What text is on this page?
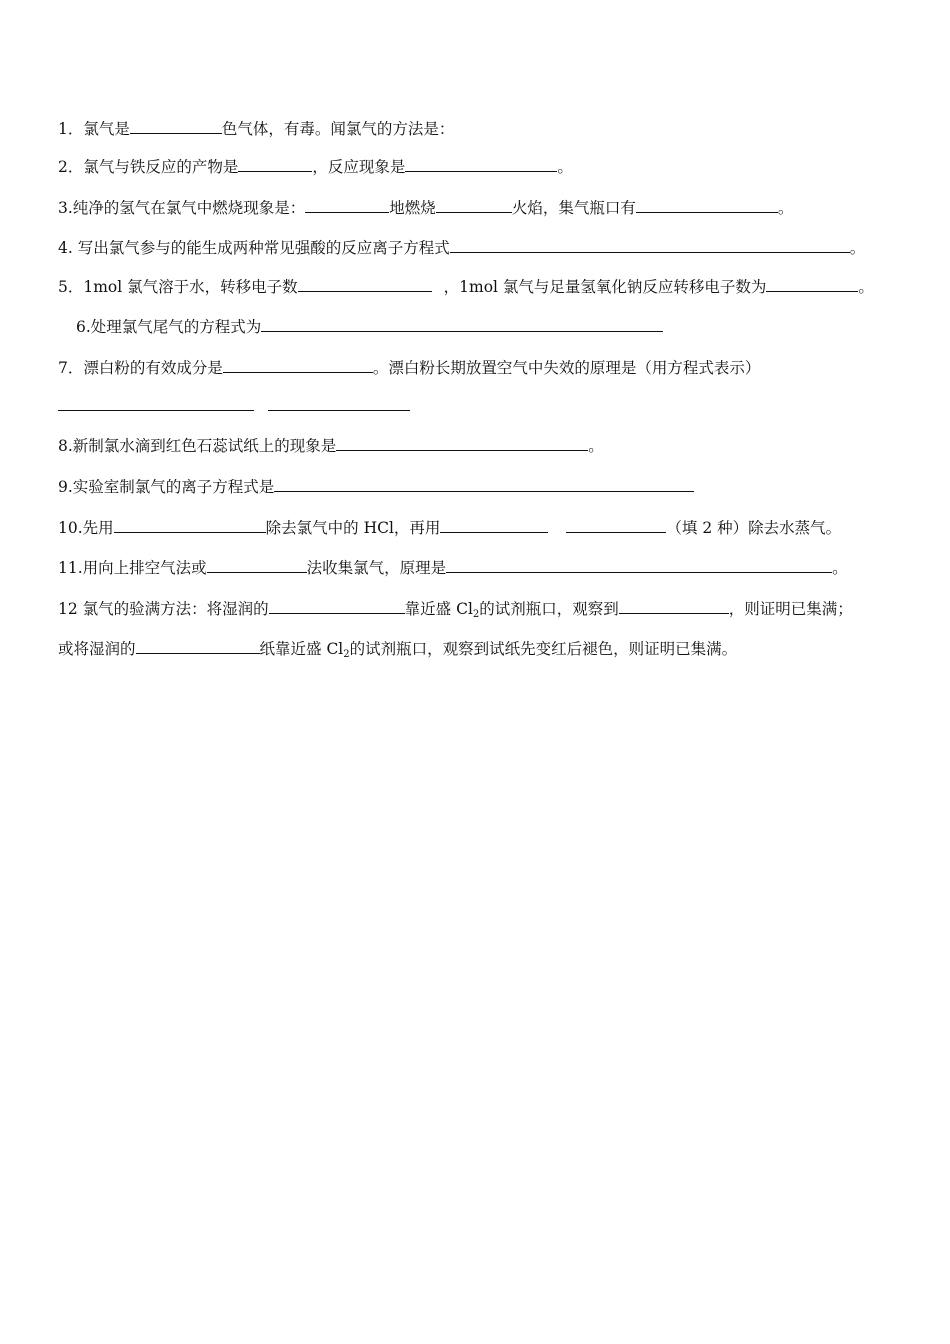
1．氯气是	色气体，有毒。闻氯气的方法是：
2．氯气与铁反应的产物是	，反应现象是	。
3.纯净的氢气在氯气中燃烧现象是：	地燃烧	火焰，集气瓶口有	。
4. 写出氯气参与的能生成两种常见强酸的反应离子方程式	。
5．1mol 氯气溶于水，转移电子数	，1mol 氯气与足量氢氧化钠反应转移电子数为	。
6.处理氯气尾气的方程式为
7．漂白粉的有效成分是	。漂白粉长期放置空气中失效的原理是（用方程式表示）
8.新制氯水滴到红色石蕊试纸上的现象是	。
9.实验室制氯气的离子方程式是
10.先用	除去氯气中的 HCl，再用	（填 2 种）除去水蒸气。
11.用向上排空气法或	法收集氯气，原理是	。
12 氯气的验满方法：将湿润的	靠近盛 $Cl_2$的试剂瓶口，观察到	，则证明已集满；
或将湿润的	纸靠近盛 $Cl_2$的试剂瓶口，观察到试纸先变红后褪色，则证明已集满。
